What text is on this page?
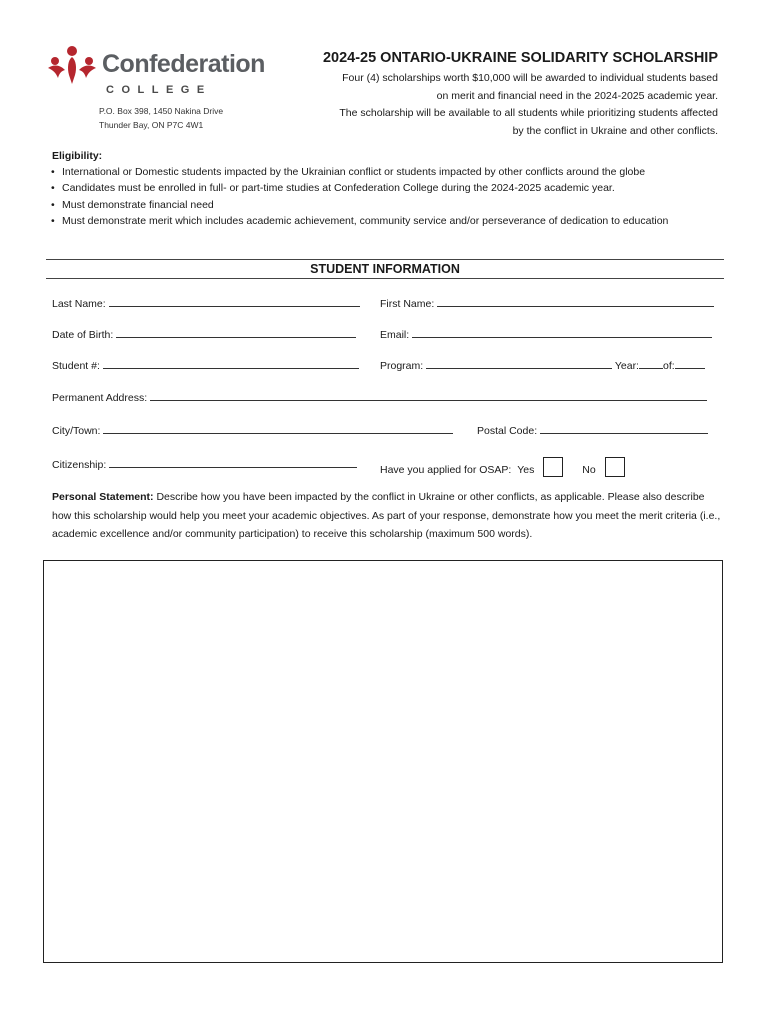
Confederation
COLLEGE
P.O. Box 398, 1450 Nakina Drive
Thunder Bay, ON P7C 4W1
2024-25 ONTARIO-UKRAINE SOLIDARITY SCHOLARSHIP
Four (4) scholarships worth $10,000 will be awarded to individual students based
on merit and financial need in the 2024-2025 academic year.
The scholarship will be available to all students while prioritizing students affected
by the conflict in Ukraine and other conflicts.
Eligibility:
• International or Domestic students impacted by the Ukrainian conflict or students impacted by other conflicts around the globe
• Candidates must be enrolled in full- or part-time studies at Confederation College during the 2024-2025 academic year.
• Must demonstrate financial need
• Must demonstrate merit which includes academic achievement, community service and/or perseverance of dedication to education
STUDENT INFORMATION
Last Name:	First Name:
Date of Birth:	Email:
Student #:	Program:	Year: of:
Permanent Address:
City/Town:	Postal Code:
Citizenship:	Have you applied for OSAP: Yes	No
Personal Statement: Describe how you have been impacted by the conflict in Ukraine or other conflicts, as applicable. Please also describe how this scholarship would help you meet your academic objectives. As part of your response, demonstrate how you meet the merit criteria (i.e., academic excellence and/or community participation) to receive this scholarship (maximum 500 words).
